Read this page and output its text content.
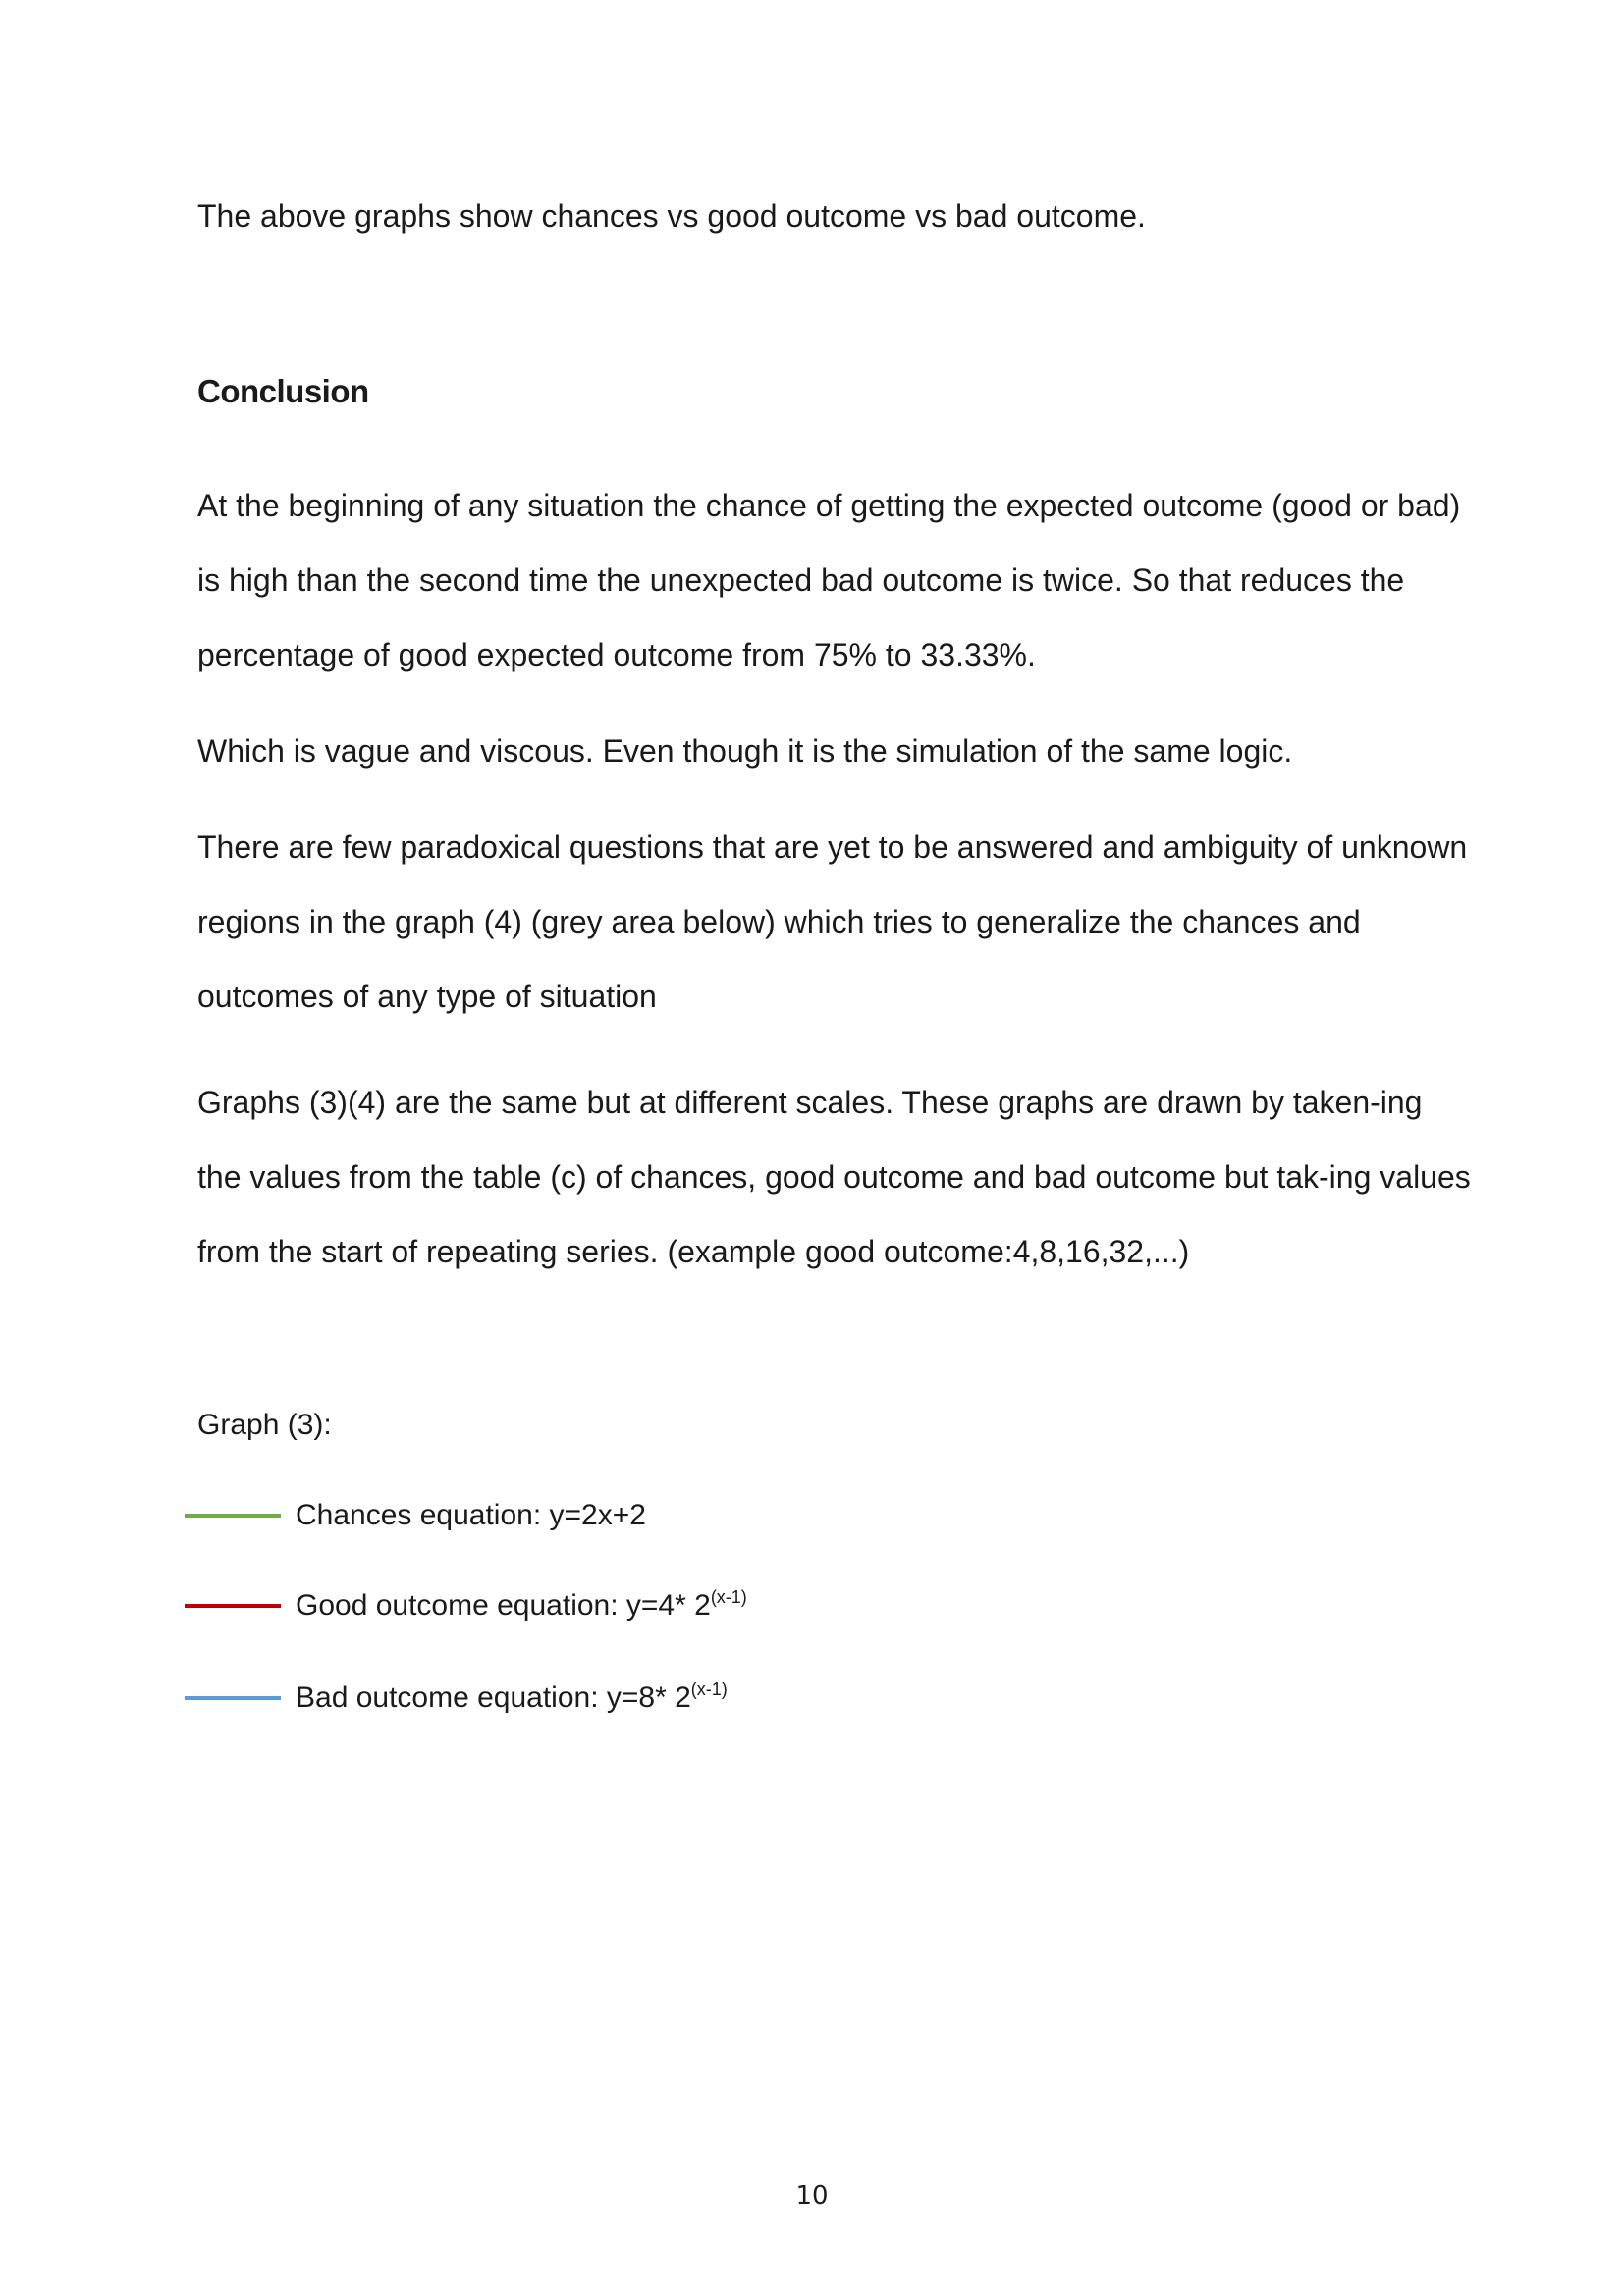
The above graphs show chances vs good outcome vs bad outcome.

Conclusion

At the beginning of any situation the chance of getting the expected outcome (good or bad) is high than the second time the unexpected bad outcome is twice. So that reduces the percentage of good expected outcome from 75% to 33.33%.

Which is vague and viscous. Even though it is the simulation of the same logic.

There are few paradoxical questions that are yet to be answered and ambiguity of unknown regions in the graph (4) (grey area below) which tries to generalize the chances and outcomes of any type of situation

Graphs (3)(4) are the same but at different scales. These graphs are drawn by taken-ing the values from the table (c) of chances, good outcome and bad outcome but tak-ing values from the start of repeating series. (example good outcome:4,8,16,32,...)

Graph (3):

Chances equation: y=2x+2
Good outcome equation: y=4* 2$^{(x-1)}$
Bad outcome equation: y=8* 2$^{(x-1)}$

10
